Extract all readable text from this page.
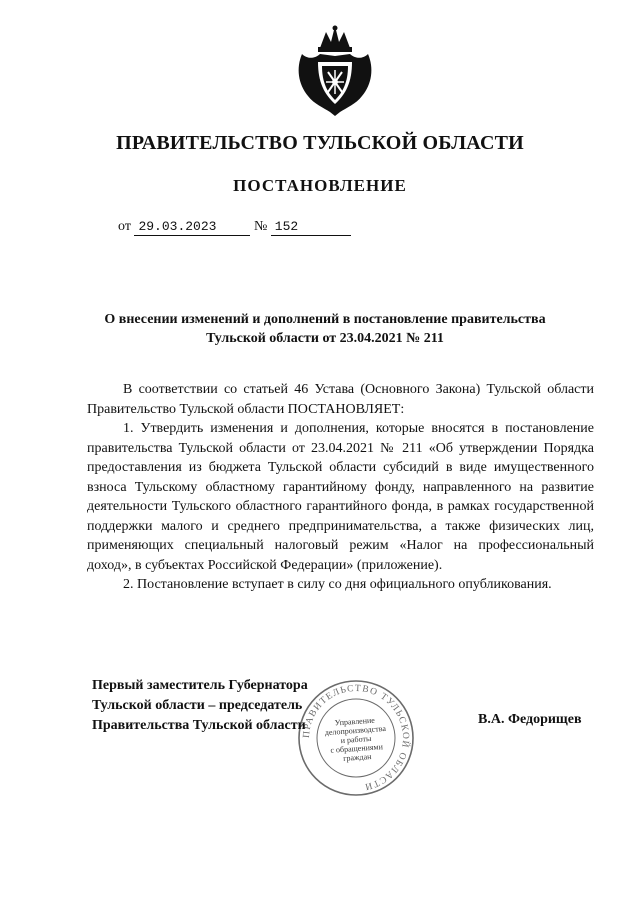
ПРАВИТЕЛЬСТВО ТУЛЬСКОЙ ОБЛАСТИ
ПОСТАНОВЛЕНИЕ
от 29.03.2023	№ 152
О внесении изменений и дополнений в постановление правительства
Тульской области от 23.04.2021 № 211

В соответствии со статьей 46 Устава (Основного Закона) Тульской области Правительство Тульской области ПОСТАНОВЛЯЕТ:

1. Утвердить изменения и дополнения, которые вносятся в постановление правительства Тульской области от 23.04.2021 № 211 «Об утверждении Порядка предоставления из бюджета Тульской области субсидий в виде имущественного взноса Тульскому областному гарантийному фонду, направленного на развитие деятельности Тульского областного гарантийного фонда, в рамках государственной поддержки малого и среднего предпринимательства, а также физических лиц, применяющих специальный налоговый режим «Налог на профессиональный доход», в субъектах Российской Федерации» (приложение).

2. Постановление вступает в силу со дня официального опубликования.

ПРАВИТЕЛЬСТВО ТУЛЬСКОЙ ОБЛАСТИ
Управление
делопроизводства
и работы
с обращениями
граждан
Первый заместитель Губернатора
Тульской области – председатель
Правительства Тульской области	В.А. Федорищев
